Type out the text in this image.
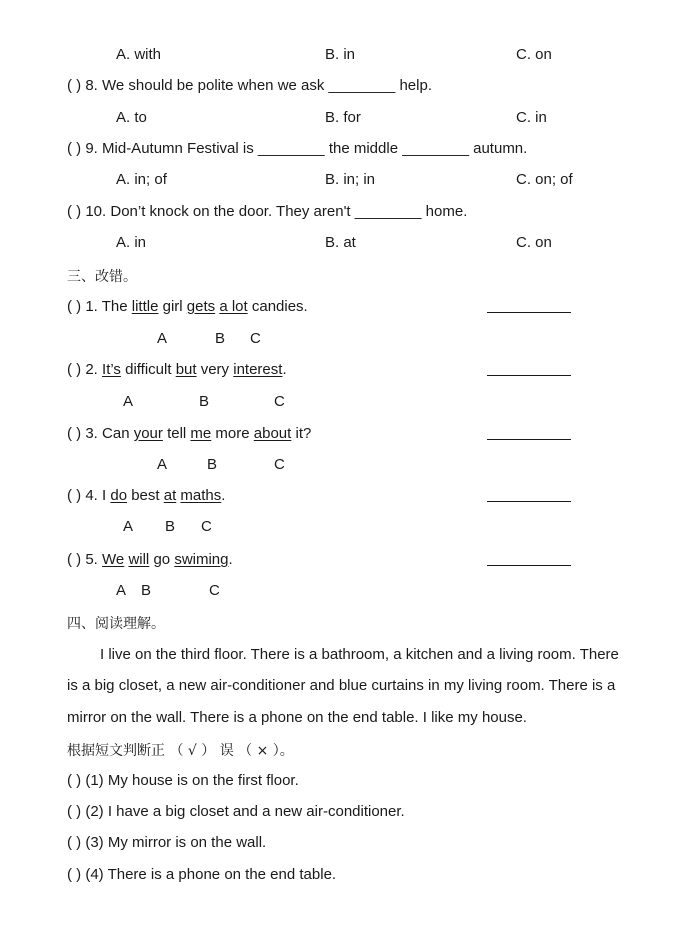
A. with	B. in	C. on
( ) 8. We should be polite when we ask ________ help.
A. to	B. for	C. in
( ) 9. Mid-Autumn Festival is ________ the middle ________ autumn.
A. in; of	B. in; in	C. on; of
( ) 10. Don’t knock on the door. They aren't ________ home.
A. in	B. at	C. on
三、改错。
( ) 1. The little girl gets a lot candies.
A	B C
( ) 2. It’s difficult but very interest.
A	B	C
( ) 3. Can your tell me more about it?
A	B	C
( ) 4. I do best at maths.
A B C
( ) 5. We will go swiming.
A B	C
四、阅读理解。
I live on the third floor. There is a bathroom, a kitchen and a living room. There
is a big closet, a new air-conditioner and blue curtains in my living room. There is a
mirror on the wall. There is a phone on the end table. I like my house.
根据短文判断正 （ √ ） 误 （ × ）。
( ) (1) My house is on the first floor.
( ) (2) I have a big closet and a new air-conditioner.
( ) (3) My mirror is on the wall.
( ) (4) There is a phone on the end table.
